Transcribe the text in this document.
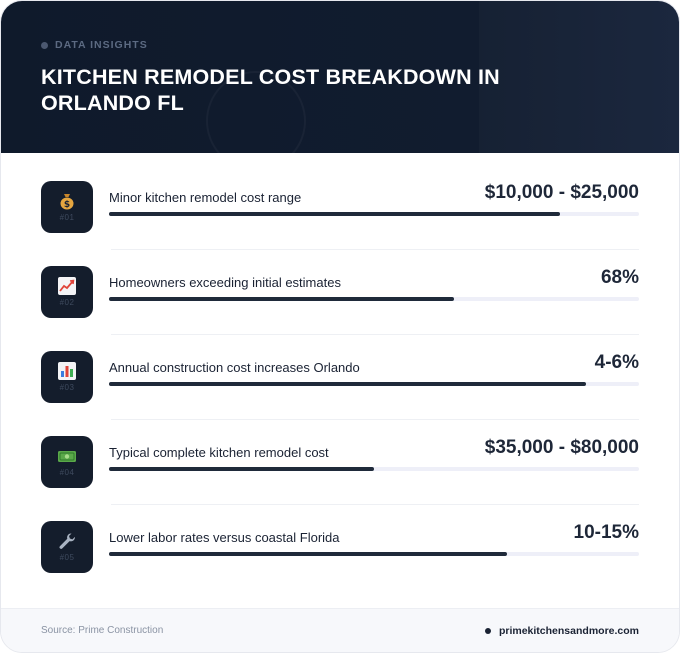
DATA INSIGHTS
KITCHEN REMODEL COST BREAKDOWN IN ORLANDO FL
$
#01
Minor kitchen remodel cost range	$10,000 - $25,000
#02
Homeowners exceeding initial estimates	68%
#03
Annual construction cost increases Orlando	4-6%
#04
Typical complete kitchen remodel cost	$35,000 - $80,000
#05
Lower labor rates versus coastal Florida	10-15%
Source: Prime Construction	primekitchensandmore.com
